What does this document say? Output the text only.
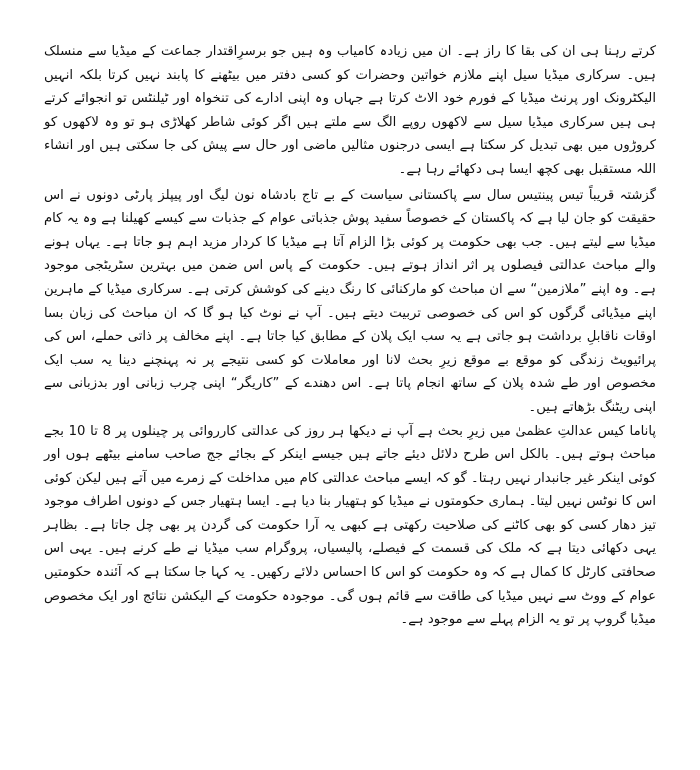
کرتے رہنا ہی ان کی بقا کا راز ہے۔ ان میں زیادہ کامیاب وہ ہیں جو برسرِاقتدار جماعت کے میڈیا سے منسلک ہیں۔ سرکاری میڈیا سیل اپنے ملازم خواتین وحضرات کو کسی دفتر میں بیٹھنے کا پابند نہیں کرتا بلکہ انہیں الیکٹرونک اور پرنٹ میڈیا کے فورم خود الاٹ کرتا ہے جہاں وہ اپنی ادارے کی تنخواہ اور ٹیلنٹس تو انجوائے کرتے ہی ہیں سرکاری میڈیا سیل سے لاکھوں روپے الگ سے ملتے ہیں اگر کوئی شاطر کھلاڑی ہو تو وہ لاکھوں کو کروڑوں میں بھی تبدیل کر سکتا ہے ایسی درجنوں مثالیں ماضی اور حال سے پیش کی جا سکتی ہیں اور انشاء اللہ مستقبل بھی کچھ ایسا ہی دکھائے رہا ہے۔

گزشتہ قریباً تیس پینتیس سال سے پاکستانی سیاست کے بے تاج بادشاہ نون لیگ اور پیپلز پارٹی دونوں نے اس حقیقت کو جان لیا ہے کہ پاکستان کے خصوصاً سفید پوش جذباتی عوام کے جذبات سے کیسے کھیلنا ہے وہ یہ کام میڈیا سے لیتے ہیں۔ جب بھی حکومت پر کوئی بڑا الزام آتا ہے میڈیا کا کردار مزید اہم ہو جاتا ہے۔ یہاں ہونے والے مباحث عدالتی فیصلوں پر اثر انداز ہوتے ہیں۔ حکومت کے پاس اس ضمن میں بہترین سٹریٹجی موجود ہے۔ وہ اپنے ”ملازمین“ سے ان مباحث کو مارکنائی کا رنگ دینے کی کوشش کرتی ہے۔ سرکاری میڈیا کے ماہرین اپنے میڈیائی گرگوں کو اس کی خصوصی تربیت دیتے ہیں۔ آپ نے نوٹ کیا ہو گا کہ ان مباحث کی زبان بسا اوقات ناقابلِ برداشت ہو جاتی ہے یہ سب ایک پلان کے مطابق کیا جاتا ہے۔ اپنے مخالف پر ذاتی حملے، اس کی پرائیویٹ زندگی کو موقع بے موقع زیرِ بحث لانا اور معاملات کو کسی نتیجے پر نہ پہنچنے دینا یہ سب ایک مخصوص اور طے شدہ پلان کے ساتھ انجام پاتا ہے۔ اس دھندے کے ”کاریگر“ اپنی چرب زبانی اور بدزبانی سے اپنی ریٹنگ بڑھاتے ہیں۔

پاناما کیس عدالتِ عظمیٰ میں زیرِ بحث ہے آپ نے دیکھا ہر روز کی عدالتی کارروائی پر چینلوں پر 8 تا 10 بجے مباحث ہوتے ہیں۔ بالکل اس طرح دلائل دیئے جاتے ہیں جیسے اینکر کے بجائے جج صاحب سامنے بیٹھے ہوں اور کوئی اینکر غیر جانبدار نہیں رہتا۔ گو کہ ایسے مباحث عدالتی کام میں مداخلت کے زمرے میں آتے ہیں لیکن کوئی اس کا نوٹس نہیں لیتا۔ ہماری حکومتوں نے میڈیا کو ہتھیار بنا دیا ہے۔ ایسا ہتھیار جس کے دونوں اطراف موجود تیز دھار کسی کو بھی کاٹنے کی صلاحیت رکھتی ہے کبھی یہ آرا حکومت کی گردن پر بھی چل جاتا ہے۔ بظاہر یہی دکھائی دیتا ہے کہ ملک کی قسمت کے فیصلے، پالیسیاں، پروگرام سب میڈیا نے طے کرنے ہیں۔ یہی اس صحافتی کارٹل کا کمال ہے کہ وہ حکومت کو اس کا احساس دلائے رکھیں۔ یہ کہا جا سکتا ہے کہ آئندہ حکومتیں عوام کے ووٹ سے نہیں میڈیا کی طاقت سے قائم ہوں گی۔ موجودہ حکومت کے الیکشن نتائج اور ایک مخصوص میڈیا گروپ پر تو یہ الزام پہلے سے موجود ہے۔
